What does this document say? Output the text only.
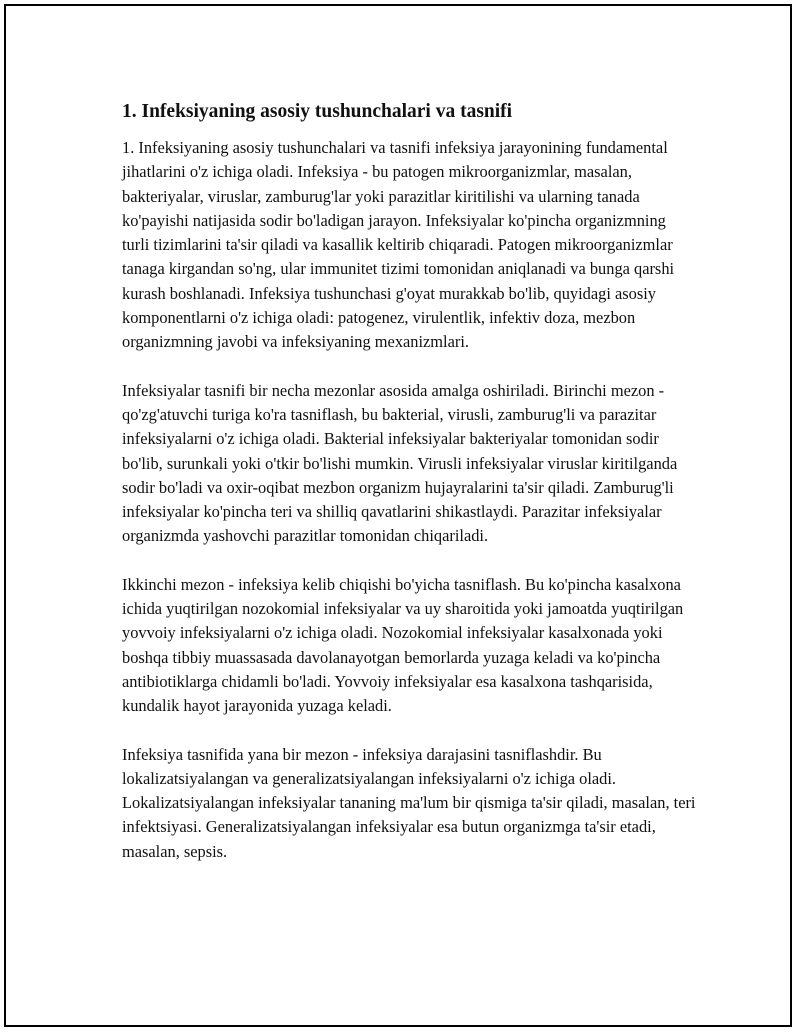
1. Infeksiyaning asosiy tushunchalari va tasnifi

1. Infeksiyaning asosiy tushunchalari va tasnifi infeksiya jarayonining fundamental jihatlarini o'z ichiga oladi. Infeksiya - bu patogen mikroorganizmlar, masalan, bakteriyalar, viruslar, zamburug'lar yoki parazitlar kiritilishi va ularning tanada ko'payishi natijasida sodir bo'ladigan jarayon. Infeksiyalar ko'pincha organizmning turli tizimlarini ta'sir qiladi va kasallik keltirib chiqaradi. Patogen mikroorganizmlar tanaga kirgandan so'ng, ular immunitet tizimi tomonidan aniqlanadi va bunga qarshi kurash boshlanadi. Infeksiya tushunchasi g'oyat murakkab bo'lib, quyidagi asosiy komponentlarni o'z ichiga oladi: patogenez, virulentlik, infektiv doza, mezbon organizmning javobi va infeksiyaning mexanizmlari.

Infeksiyalar tasnifi bir necha mezonlar asosida amalga oshiriladi. Birinchi mezon - qo'zg'atuvchi turiga ko'ra tasniflash, bu bakterial, virusli, zamburug'li va parazitar infeksiyalarni o'z ichiga oladi. Bakterial infeksiyalar bakteriyalar tomonidan sodir bo'lib, surunkali yoki o'tkir bo'lishi mumkin. Virusli infeksiyalar viruslar kiritilganda sodir bo'ladi va oxir-oqibat mezbon organizm hujayralarini ta'sir qiladi. Zamburug'li infeksiyalar ko'pincha teri va shilliq qavatlarini shikastlaydi. Parazitar infeksiyalar organizmda yashovchi parazitlar tomonidan chiqariladi.

Ikkinchi mezon - infeksiya kelib chiqishi bo'yicha tasniflash. Bu ko'pincha kasalxona ichida yuqtirilgan nozokomial infeksiyalar va uy sharoitida yoki jamoatda yuqtirilgan yovvoiy infeksiyalarni o'z ichiga oladi. Nozokomial infeksiyalar kasalxonada yoki boshqa tibbiy muassasada davolanayotgan bemorlarda yuzaga keladi va ko'pincha antibiotiklarga chidamli bo'ladi. Yovvoiy infeksiyalar esa kasalxona tashqarisida, kundalik hayot jarayonida yuzaga keladi.

Infeksiya tasnifida yana bir mezon - infeksiya darajasini tasniflashdir. Bu lokalizatsiyalangan va generalizatsiyalangan infeksiyalarni o'z ichiga oladi. Lokalizatsiyalangan infeksiyalar tananing ma'lum bir qismiga ta'sir qiladi, masalan, teri infektsiyasi. Generalizatsiyalangan infeksiyalar esa butun organizmga ta'sir etadi, masalan, sepsis.
